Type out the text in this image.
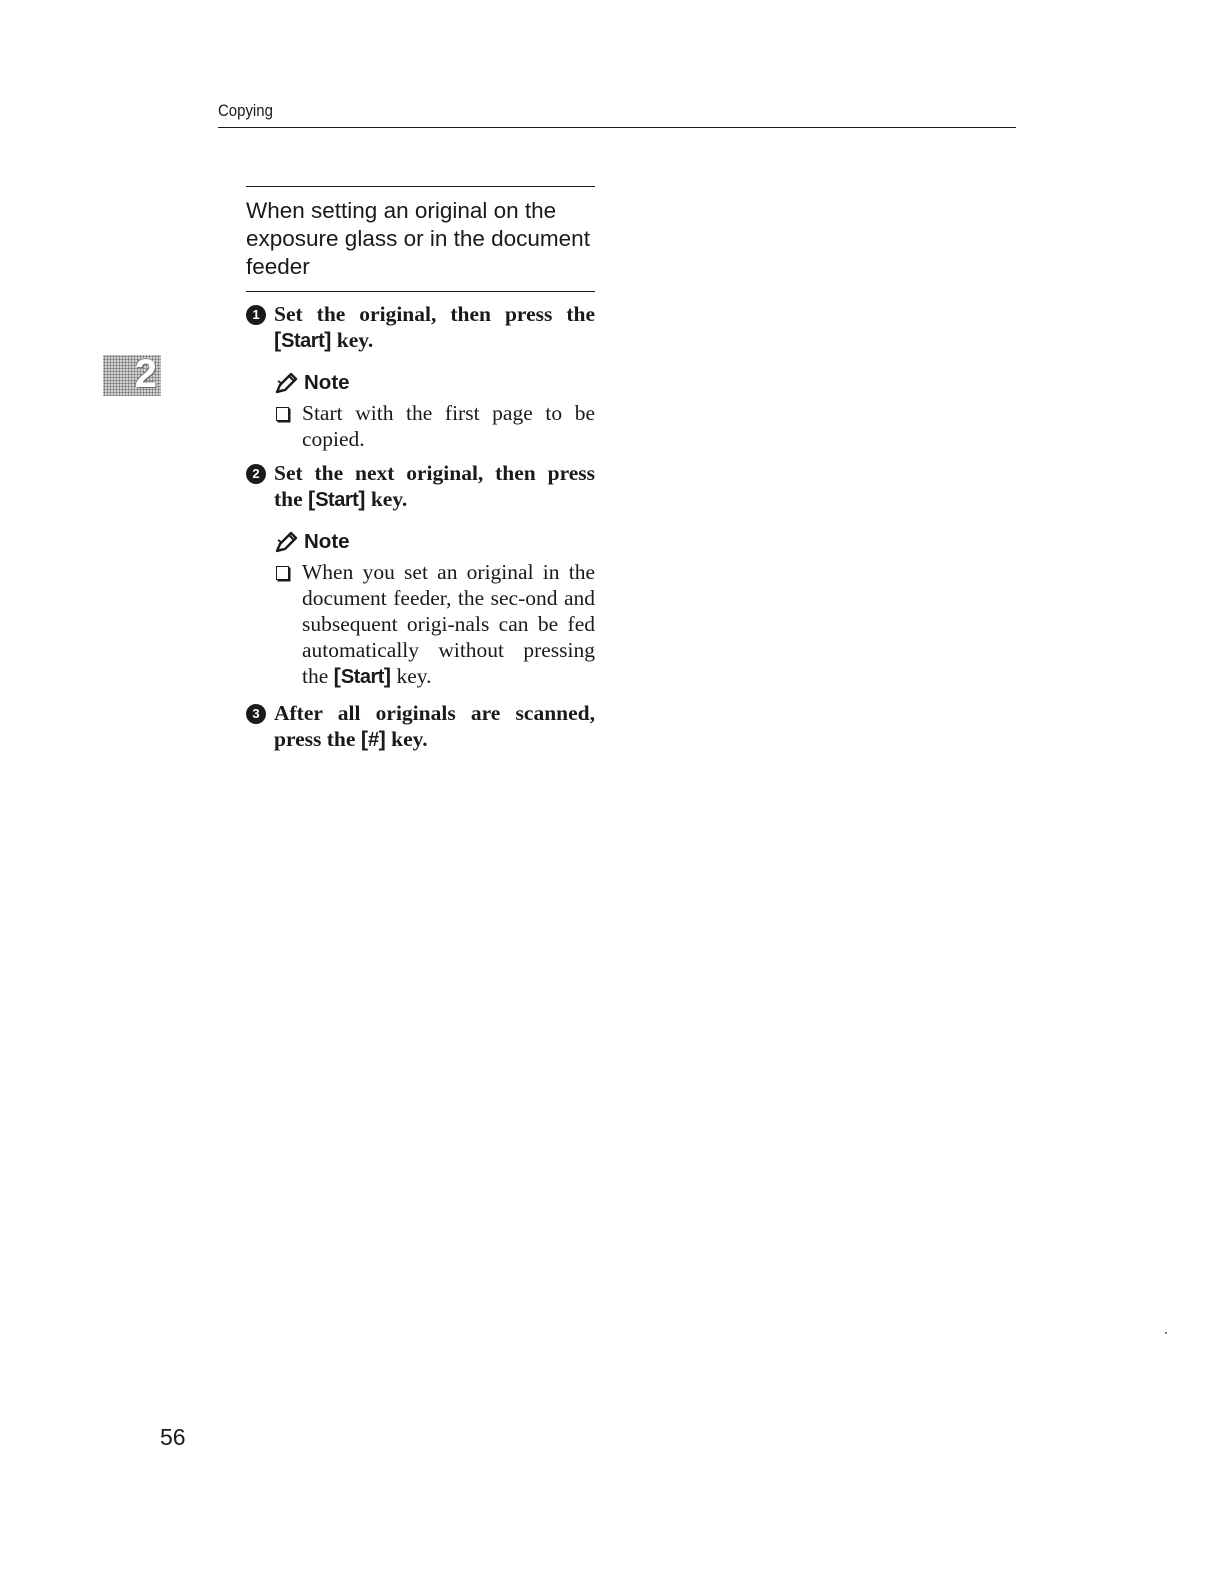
Copying
2
When setting an original on the exposure glass or in the document feeder
1 Set the original, then press the [Start] key.
Note
Start with the first page to be copied.
2 Set the next original, then press the [Start] key.
Note
When you set an original in the document feeder, the sec-ond and subsequent origi-nals can be fed automatically without pressing the [Start] key.
3 After all originals are scanned, press the [#] key.
56
